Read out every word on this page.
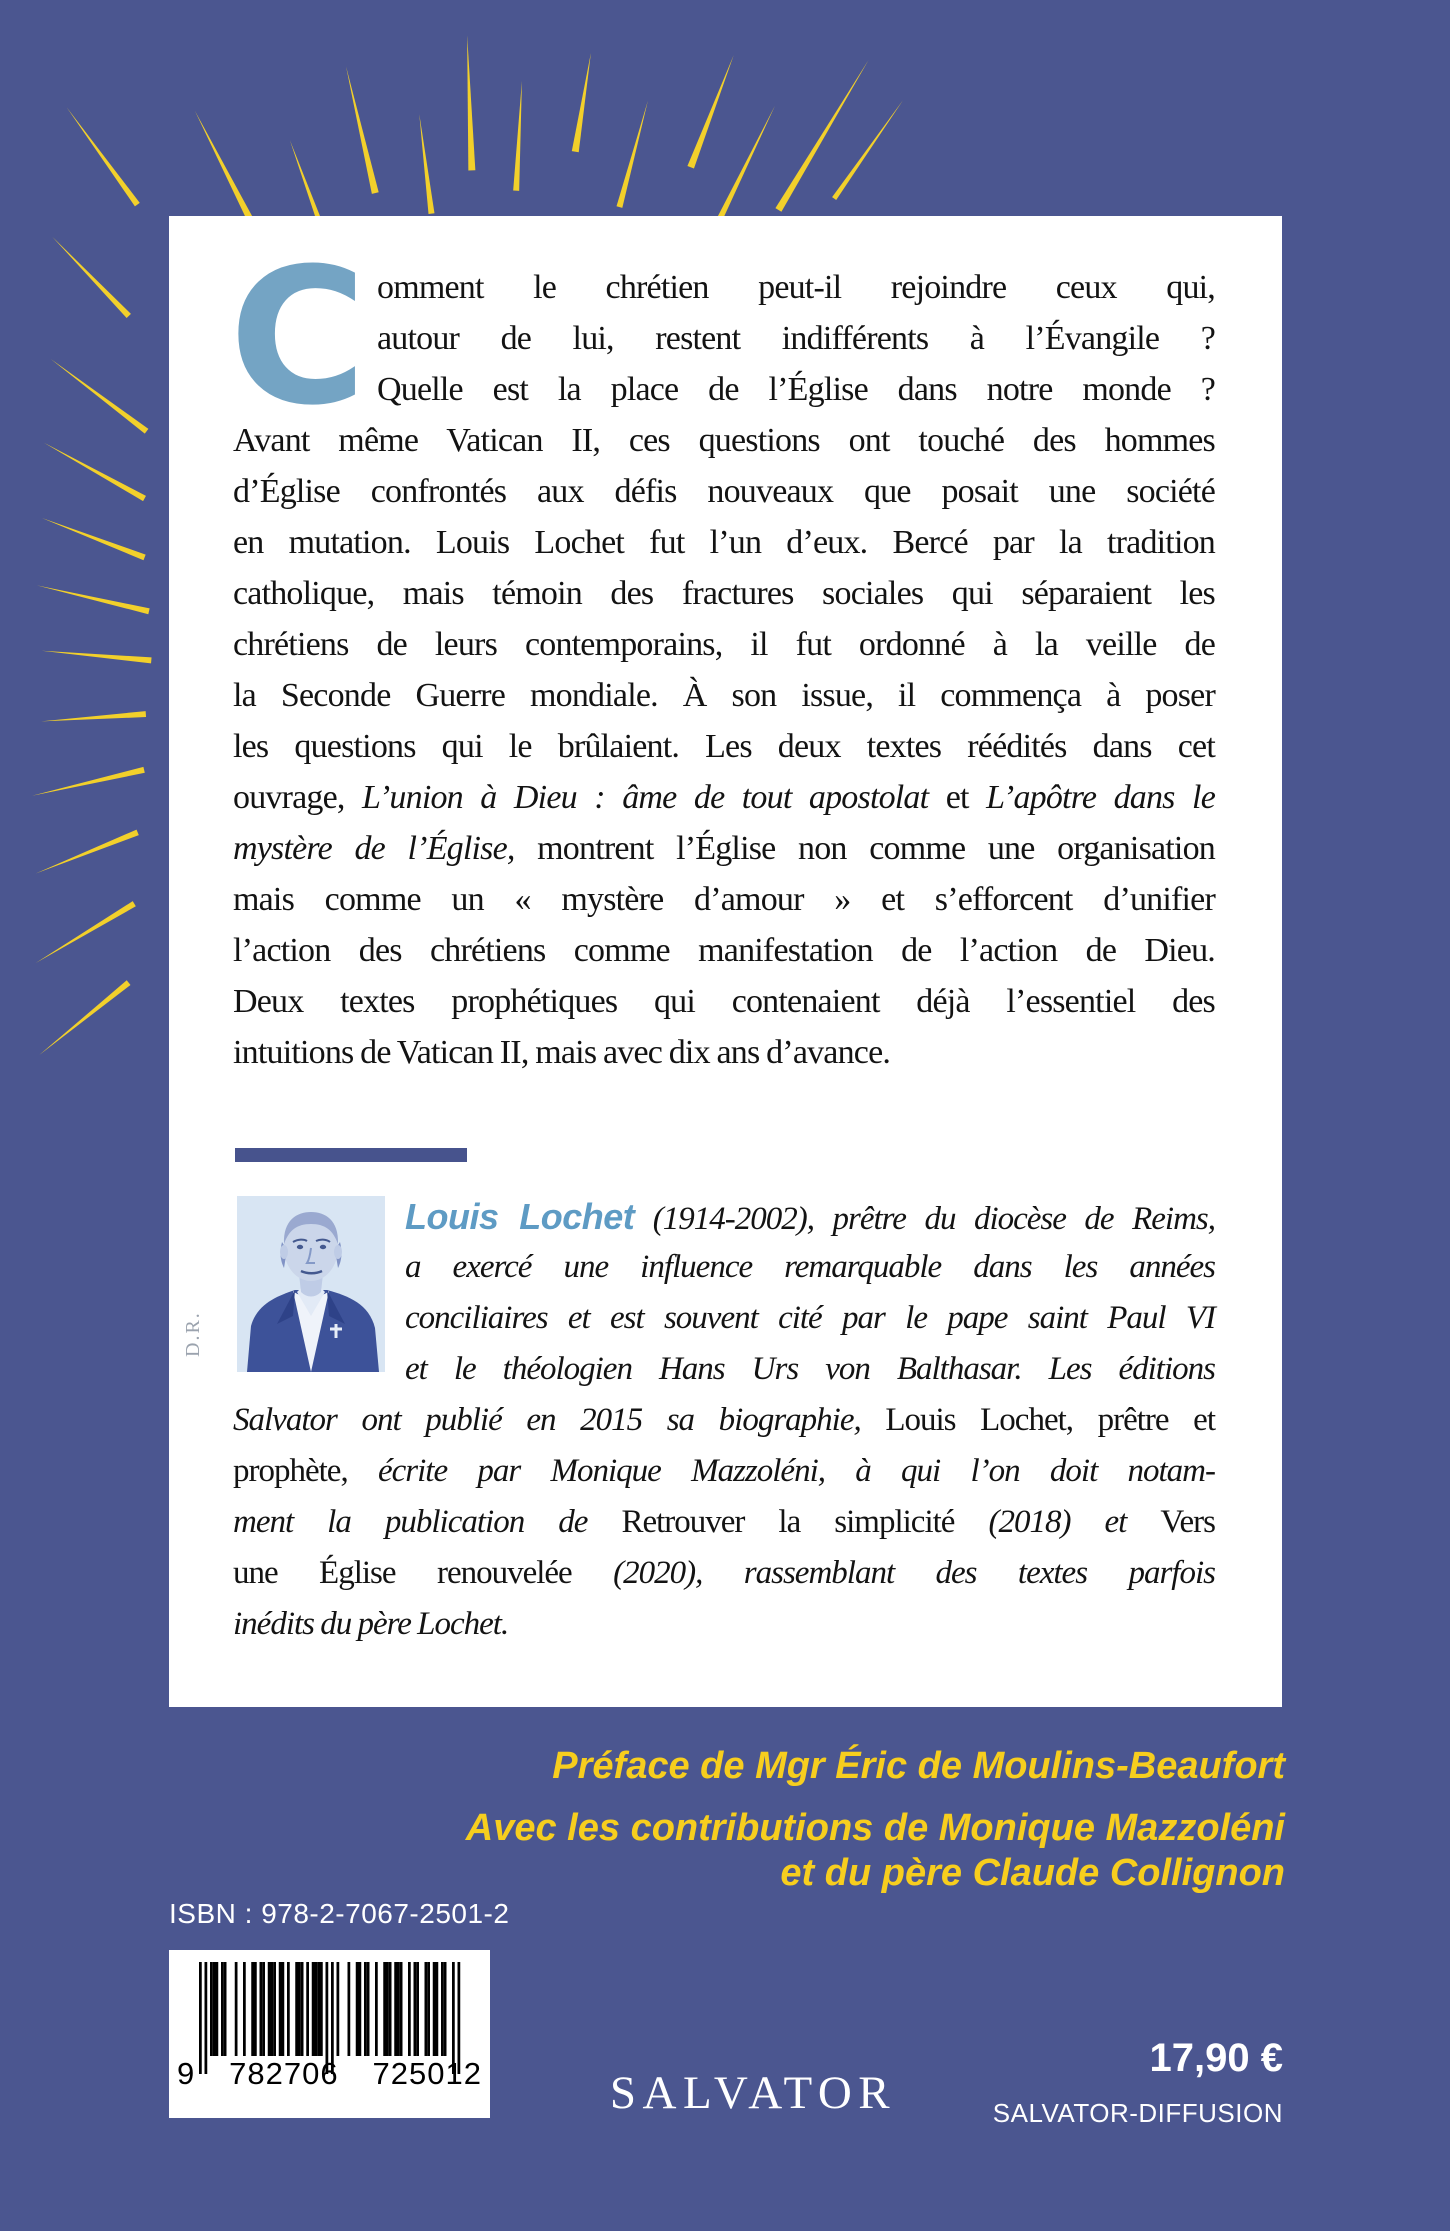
C omment le chrétien peut-il rejoindre ceux qui,
autour de lui, restent indifférents à l’Évangile ?
Quelle est la place de l’Église dans notre monde ?
Avant même Vatican II, ces questions ont touché des hommes
d’Église confrontés aux défis nouveaux que posait une société
en mutation. Louis Lochet fut l’un d’eux. Bercé par la tradition
catholique, mais témoin des fractures sociales qui séparaient les
chrétiens de leurs contemporains, il fut ordonné à la veille de
la Seconde Guerre mondiale. À son issue, il commença à poser
les questions qui le brûlaient. Les deux textes réédités dans cet
ouvrage, L’union à Dieu : âme de tout apostolat et L’apôtre dans le
mystère de l’Église, montrent l’Église non comme une organisation
mais comme un « mystère d’amour » et s’efforcent d’unifier
l’action des chrétiens comme manifestation de l’action de Dieu.
Deux textes prophétiques qui contenaient déjà l’essentiel des
intuitions de Vatican II, mais avec dix ans d’avance.
D.R.
Louis Lochet (1914-2002), prêtre du diocèse de Reims,
a exercé une influence remarquable dans les années
conciliaires et est souvent cité par le pape saint Paul VI
et le théologien Hans Urs von Balthasar. Les éditions
Salvator ont publié en 2015 sa biographie, Louis Lochet, prêtre et
prophète, écrite par Monique Mazzoléni, à qui l’on doit notam-
ment la publication de Retrouver la simplicité (2018) et Vers
une Église renouvelée (2020), rassemblant des textes parfois
inédits du père Lochet.
Préface de Mgr Éric de Moulins-Beaufort
Avec les contributions de Monique Mazzoléni
et du père Claude Collignon
ISBN : 978-2-7067-2501-2
9 782706 725012	SALVATOR
17,90 €
SALVATOR-DIFFUSION
